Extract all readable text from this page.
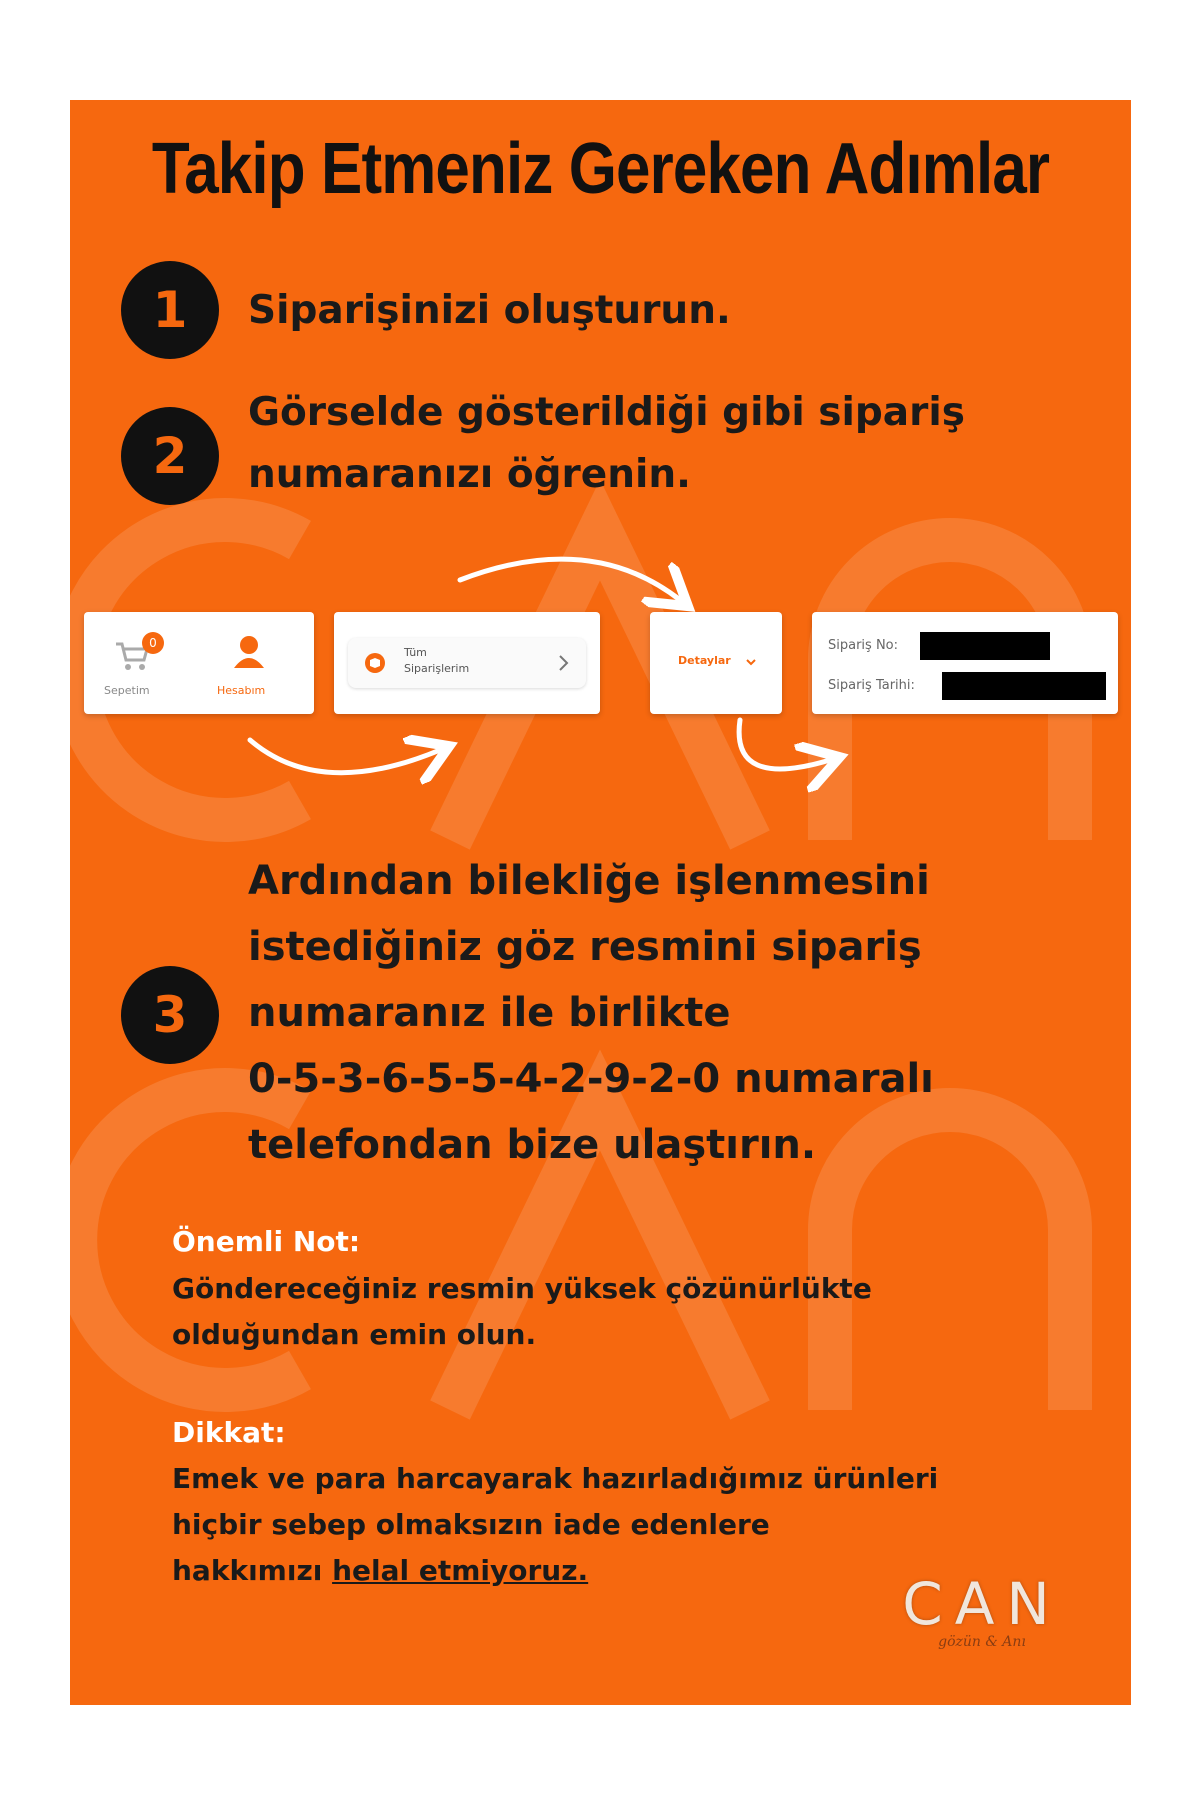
Takip Etmeniz Gereken Adımlar
1	Siparişinizi oluşturun.
2
Görselde gösterildiği gibi sipariş
numaranızı öğrenin.
0
Sepetim	Hesabım
Tüm
Siparişlerim
Detaylar
Sipariş No:
Sipariş Tarihi:
3
Ardından bilekliğe işlenmesini
istediğiniz göz resmini sipariş
numaranız ile birlikte
0-5-3-6-5-5-4-2-9-2-0 numaralı
telefondan bize ulaştırın.
Önemli Not:
Göndereceğiniz resmin yüksek çözünürlükte
olduğundan emin olun.
Dikkat:
Emek ve para harcayarak hazırladığımız ürünleri
hiçbir sebep olmaksızın iade edenlere
hakkımızı helal etmiyoruz.	CAN
gözün & Anı
